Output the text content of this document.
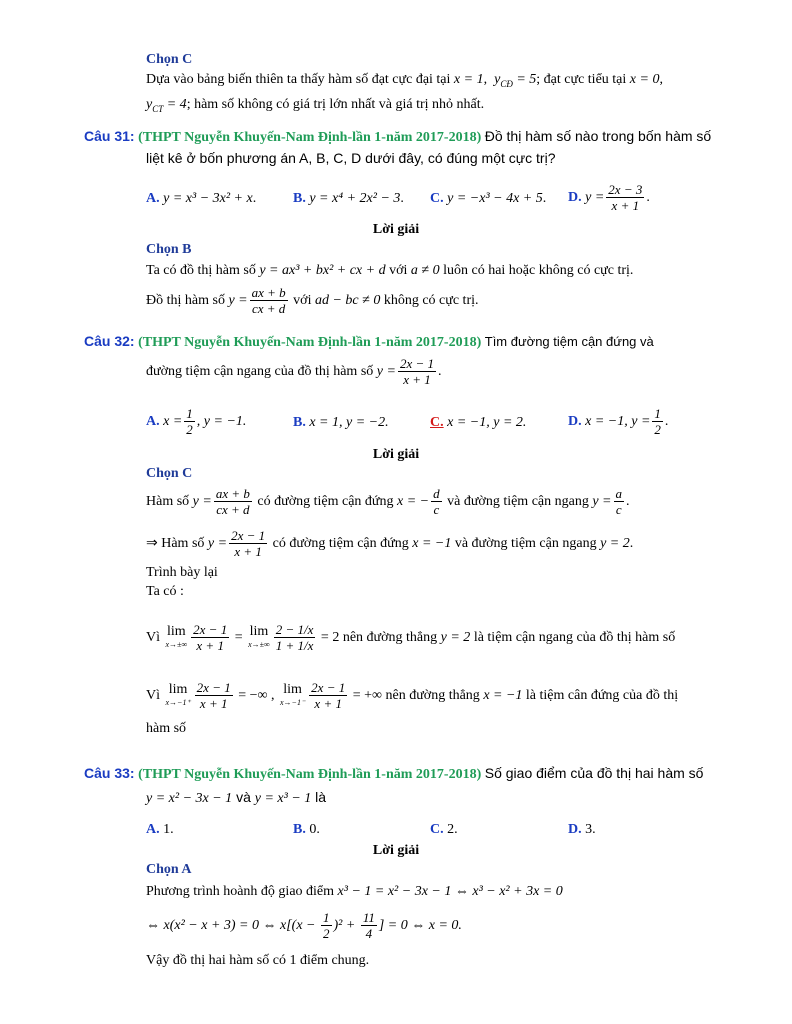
Chọn C
Dựa vào bảng biến thiên ta thấy hàm số đạt cực đại tại x = 1,  $y_{CĐ} = 5$; đạt cực tiểu tại x = 0,
$y_{CT} = 4$; hàm số không có giá trị lớn nhất và giá trị nhỏ nhất.
Câu 31: (THPT Nguyễn Khuyến-Nam Định-lần 1-năm 2017-2018) Đồ thị hàm số nào trong bốn hàm số
liệt kê ở bốn phương án A, B, C, D dưới đây, có đúng một cực trị?
A. y = x³ − 3x² + x.	B. y = x⁴ + 2x² − 3. C. y = −x³ − 4x + 5. D. $y = \frac{2x - 3}{x + 1}$ .
Lời giải
Chọn B
Ta có đồ thị hàm số y = ax³ + bx² + cx + d với a ≠ 0 luôn có hai hoặc không có cực trị.
Đồ thị hàm số $y = \frac{ax + b}{cx + d}$ với ad − bc ≠ 0 không có cực trị.
Câu 32: (THPT Nguyễn Khuyến-Nam Định-lần 1-năm 2017-2018) Tìm đường tiệm cận đứng và
đường tiệm cận ngang của đồ thị hàm số $y = \frac{2x - 1}{x + 1}$ .
A. $x = \frac{1}{2}$ , y = −1.	B. x = 1, y = −2.	C. x = −1, y = 2.	D. x = −1, $y = \frac{1}{2}$ .
Lời giải
Chọn C
Hàm số $y = \frac{ax + b}{cx + d}$ có đường tiệm cận đứng x = − $\frac{d}{c}$ và đường tiệm cận ngang $y = \frac{a}{c}$ .
⇒ Hàm số $y = \frac{2x - 1}{x + 1}$ có đường tiệm cận đứng x = −1 và đường tiệm cận ngang y = 2.
Trình bày lại
Ta có :
Vì lim
$x\to\pm\infty \frac{2x - 1}{x + 1} = \lim$
$x\to\pm\infty \frac{2 - 1/x}{1 + 1/x} = 2$ nên đường thẳng y = 2 là tiệm cận ngang của đồ thị hàm số
Vì lim
$x\to-1^+ \frac{2x - 1}{x + 1}$ = −∞ , lim
$x\to-1^- \frac{2x - 1}{x + 1}$ = +∞ nên đường thẳng x = −1 là tiệm cân đứng của đồ thị
hàm số
Câu 33: (THPT Nguyễn Khuyến-Nam Định-lần 1-năm 2017-2018) Số giao điểm của đồ thị hai hàm số
y = x² − 3x − 1 và y = x³ − 1 là
A. 1.	B. 0.	C. 2.	D. 3.
Lời giải
Chọn A
Phương trình hoành độ giao điểm x³ − 1 = x² − 3x − 1 ⇔ x³ − x² + 3x = 0
⇔ x(x² − x + 3) = 0 ⇔ $x[(x - \frac{1}{2} )^2 + \frac{11}{4}$ ] = 0 ⇔ x = 0.
Vậy đồ thị hai hàm số có 1 điểm chung.
